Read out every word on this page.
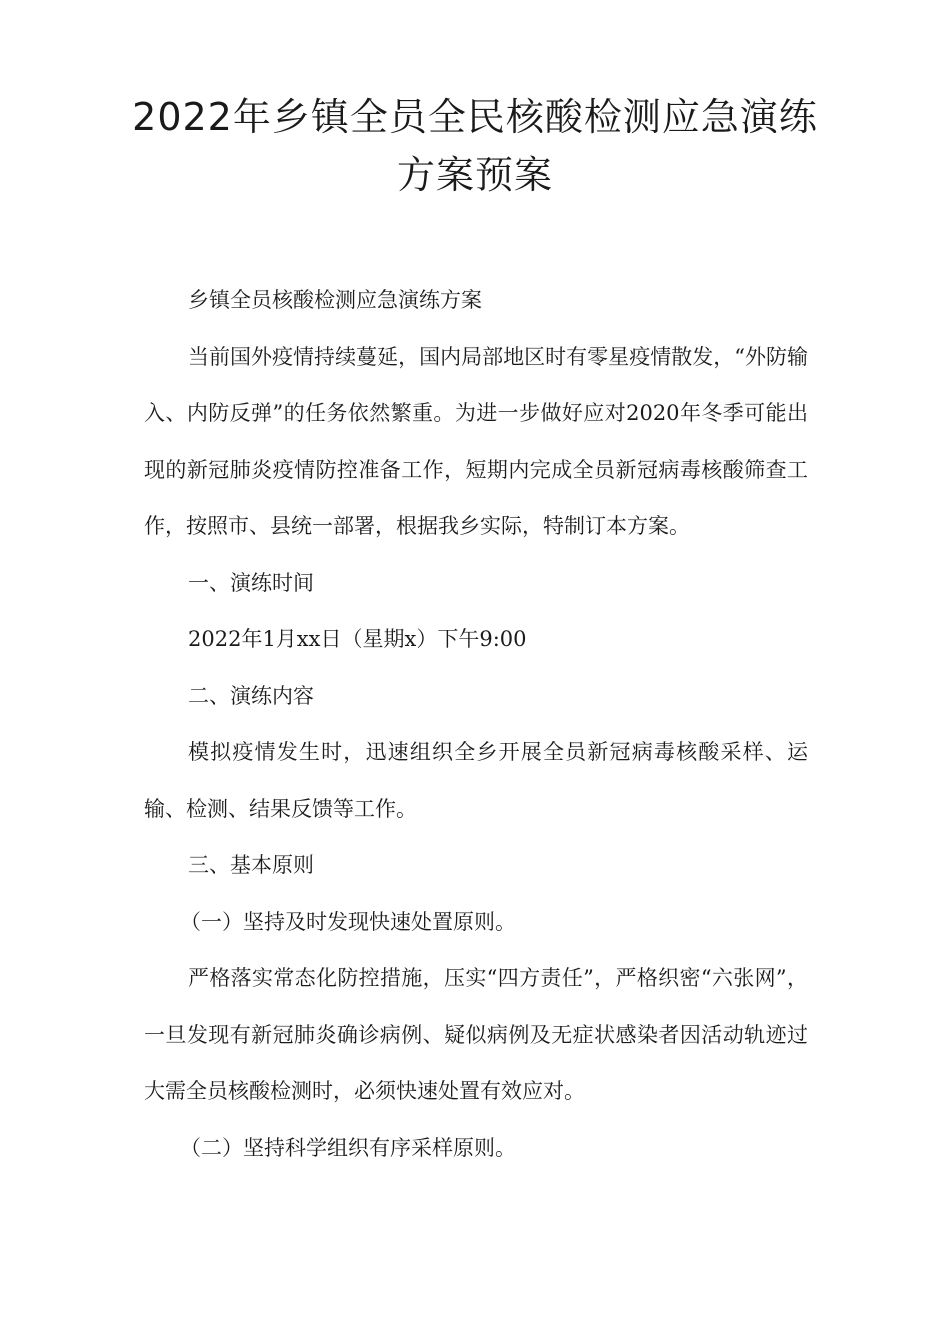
2022年乡镇全员全民核酸检测应急演练
方案预案

乡镇全员核酸检测应急演练方案

当前国外疫情持续蔓延，国内局部地区时有零星疫情散发，“外防输入、内防反弹”的任务依然繁重。为进一步做好应对2020年冬季可能出现的新冠肺炎疫情防控准备工作，短期内完成全员新冠病毒核酸筛查工作，按照市、县统一部署，根据我乡实际，特制订本方案。

一、演练时间

2022年1月xx日（星期x）下午9:00

二、演练内容

模拟疫情发生时，迅速组织全乡开展全员新冠病毒核酸采样、运输、检测、结果反馈等工作。

三、基本原则

（一）坚持及时发现快速处置原则。

严格落实常态化防控措施，压实“四方责任”，严格织密“六张网”，一旦发现有新冠肺炎确诊病例、疑似病例及无症状感染者因活动轨迹过大需全员核酸检测时，必须快速处置有效应对。

（二）坚持科学组织有序采样原则。
